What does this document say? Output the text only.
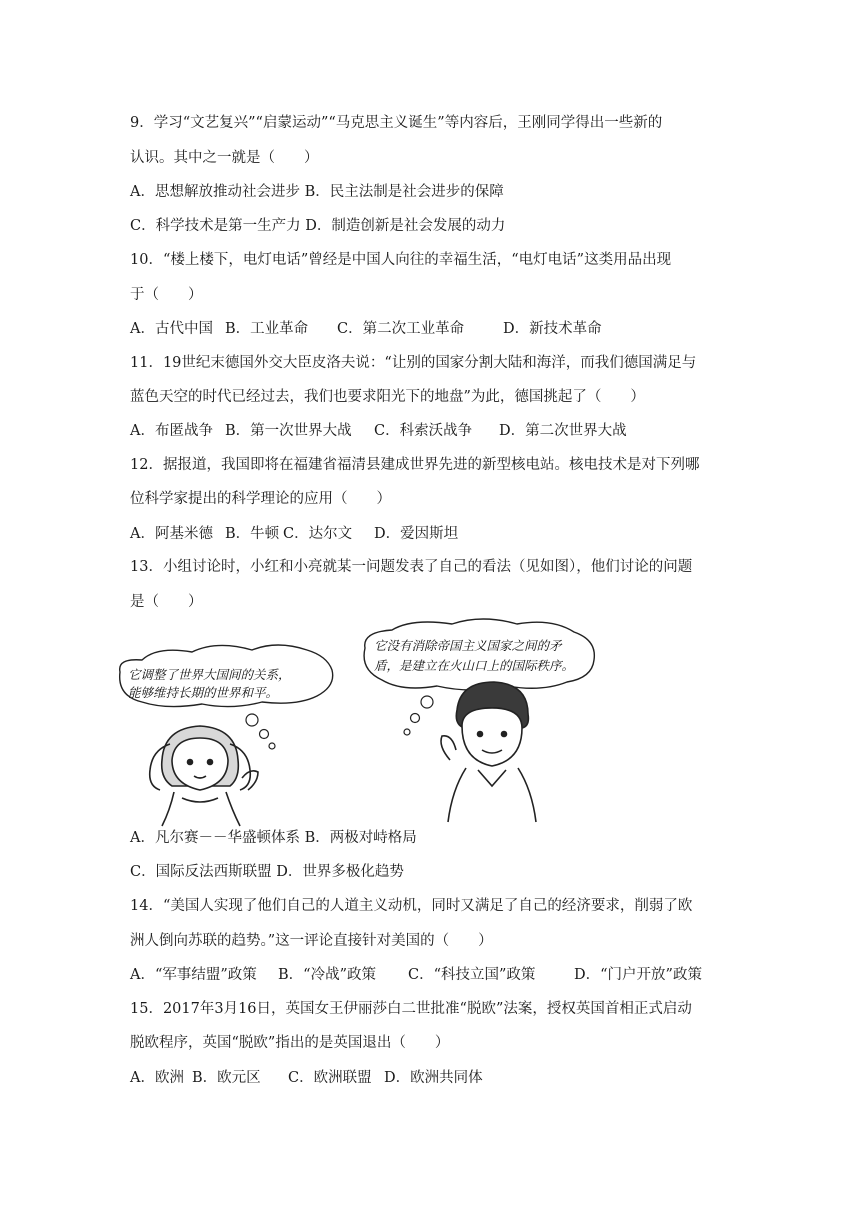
9．学习“文艺复兴”“启蒙运动”“马克思主义诞生”等内容后，王刚同学得出一些新的
认识。其中之一就是（　　）
A．思想解放推动社会进步 B．民主法制是社会进步的保障
C．科学技术是第一生产力 D．制造创新是社会发展的动力
10．“楼上楼下，电灯电话”曾经是中国人向往的幸福生活，“电灯电话”这类用品出现
于（　　）
A．古代中国 B．工业革命 C．第二次工业革命	D．新技术革命
11．19世纪末德国外交大臣皮洛夫说：“让别的国家分割大陆和海洋，而我们德国满足与
蓝色天空的时代已经过去，我们也要求阳光下的地盘”为此，德国挑起了（　　）
A．布匿战争 B．第一次世界大战 C．科索沃战争 D．第二次世界大战
12．据报道，我国即将在福建省福清县建成世界先进的新型核电站。核电技术是对下列哪
位科学家提出的科学理论的应用（　　）
A．阿基米德 B．牛顿 C．达尔文 D．爱因斯坦
13．小组讨论时，小红和小亮就某一问题发表了自己的看法（见如图），他们讨论的问题
是（　　）
它调整了世界大国间的关系，
能够维持长期的世界和平。
它没有消除帝国主义国家之间的矛
盾，是建立在火山口上的国际秩序。
A．凡尔赛－－华盛顿体系 B．两极对峙格局
C．国际反法西斯联盟 D．世界多极化趋势
14．“美国人实现了他们自己的人道主义动机，同时又满足了自己的经济要求，削弱了欧
洲人倒向苏联的趋势。”这一评论直接针对美国的（　　）
A．“军事结盟”政策 B．“冷战”政策 C．“科技立国”政策	D．“门户开放”政策
15．2017年3月16日，英国女王伊丽莎白二世批准“脱欧”法案，授权英国首相正式启动
脱欧程序，英国“脱欧”指出的是英国退出（　　）
A．欧洲 B．欧元区 C．欧洲联盟 D．欧洲共同体
